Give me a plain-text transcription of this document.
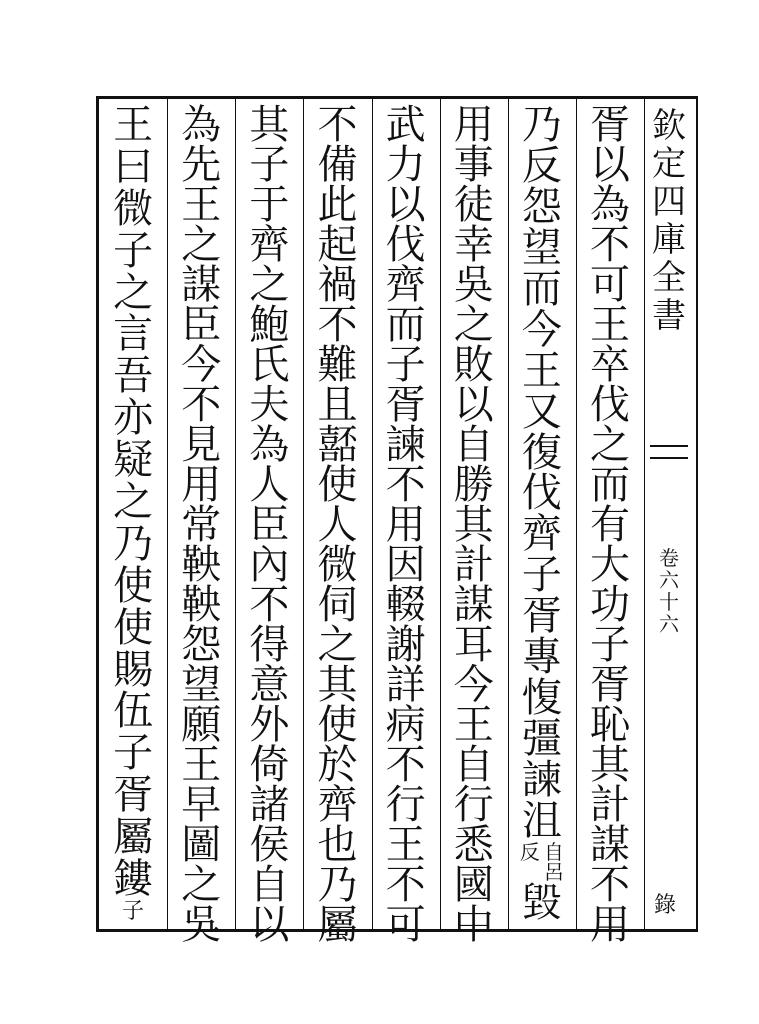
欽
定
四
庫
全
書
卷
六
十
六
錄
胥
以
為
不
可
王
卒
伐
之
而
有
大
功
子
胥
恥
其
計
謀
不
用
乃
反
怨
望
而
今
王
又
復
伐
齊
子
胥
專
愎
彊
諫
沮
自
呂
反
毀
用
事
徒
幸
吳
之
敗
以
自
勝
其
計
謀
耳
今
王
自
行
悉
國
中
武
力
以
伐
齊
而
子
胥
諫
不
用
因
輟
謝
詳
病
不
行
王
不
可
不
備
此
起
禍
不
難
且
嚭
使
人
微
伺
之
其
使
於
齊
也
乃
屬
其
子
于
齊
之
鮑
氏
夫
為
人
臣
內
不
得
意
外
倚
諸
侯
自
以
為
先
王
之
謀
臣
今
不
見
用
常
鞅
鞅
怨
望
願
王
早
圖
之
吳
王
曰
微
子
之
言
吾
亦
疑
之
乃
使
使
賜
伍
子
胥
屬
鏤
子
